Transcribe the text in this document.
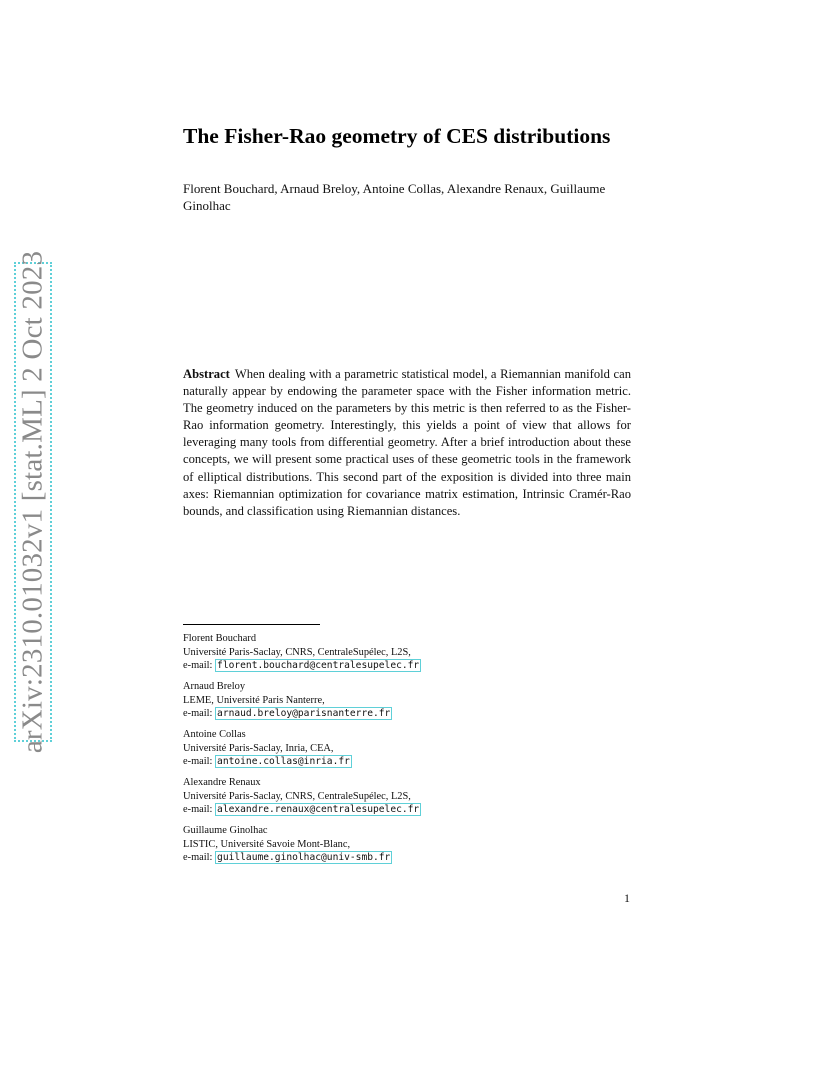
arXiv:2310.01032v1 [stat.ML] 2 Oct 2023
The Fisher-Rao geometry of CES distributions
Florent Bouchard, Arnaud Breloy, Antoine Collas, Alexandre Renaux, Guillaume Ginolhac

Abstract When dealing with a parametric statistical model, a Riemannian manifold can naturally appear by endowing the parameter space with the Fisher information metric. The geometry induced on the parameters by this metric is then referred to as the Fisher-Rao information geometry. Interestingly, this yields a point of view that allows for leveraging many tools from differential geometry. After a brief introduction about these concepts, we will present some practical uses of these geometric tools in the framework of elliptical distributions. This second part of the exposition is divided into three main axes: Riemannian optimization for covariance matrix estimation, Intrinsic Cramér-Rao bounds, and classification using Riemannian distances.

Florent Bouchard
Université Paris-Saclay, CNRS, CentraleSupélec, L2S,
e-mail: florent.bouchard@centralesupelec.fr
Arnaud Breloy
LEME, Université Paris Nanterre,
e-mail: arnaud.breloy@parisnanterre.fr
Antoine Collas
Université Paris-Saclay, Inria, CEA,
e-mail: antoine.collas@inria.fr
Alexandre Renaux
Université Paris-Saclay, CNRS, CentraleSupélec, L2S,
e-mail: alexandre.renaux@centralesupelec.fr
Guillaume Ginolhac
LISTIC, Université Savoie Mont-Blanc,
e-mail: guillaume.ginolhac@univ-smb.fr
1
